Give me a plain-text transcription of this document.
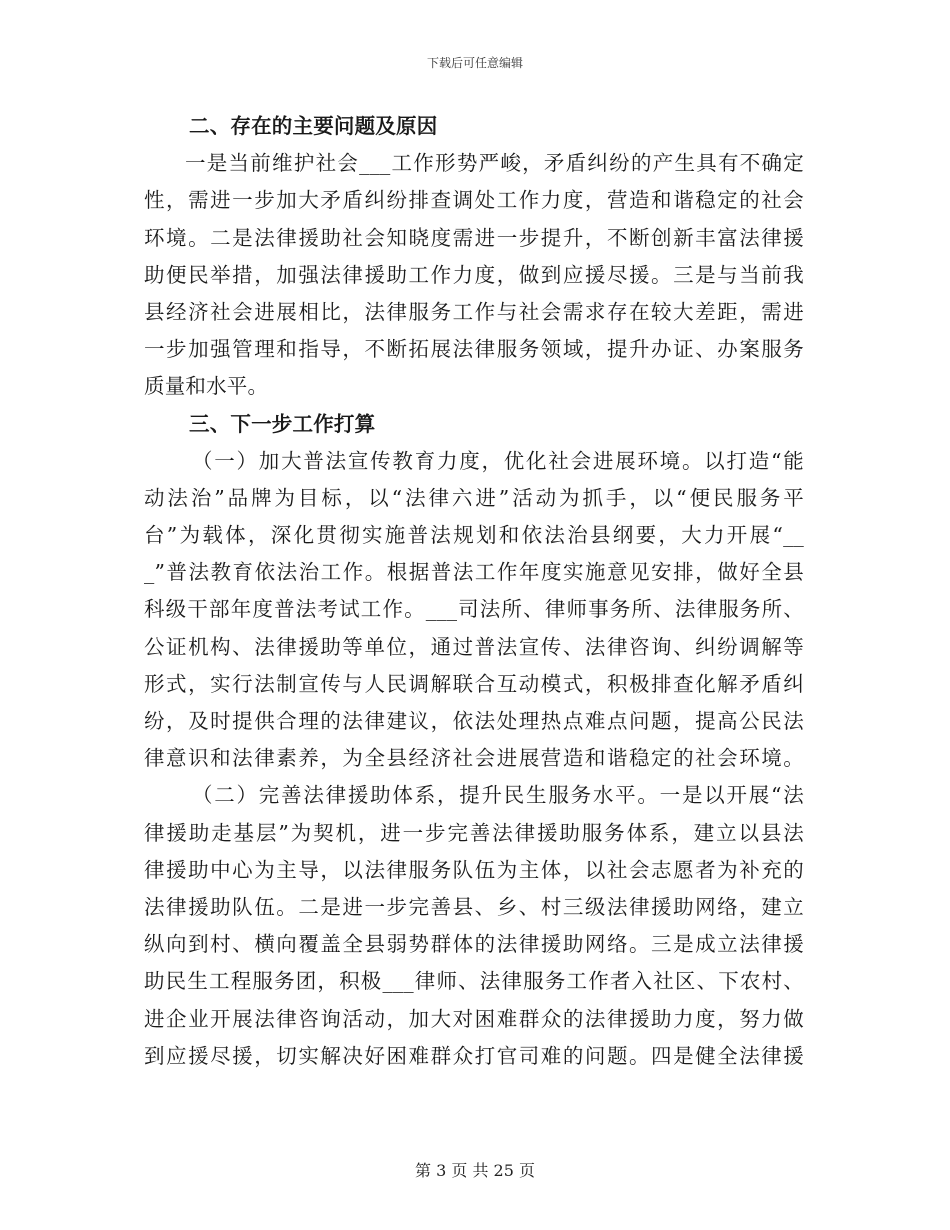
下载后可任意编辑
二、存在的主要问题及原因
一是当前维护社会___工作形势严峻，矛盾纠纷的产生具有不确定
性，需进一步加大矛盾纠纷排查调处工作力度，营造和谐稳定的社会
环境。二是法律援助社会知晓度需进一步提升，不断创新丰富法律援
助便民举措，加强法律援助工作力度，做到应援尽援。三是与当前我
县经济社会进展相比，法律服务工作与社会需求存在较大差距，需进
一步加强管理和指导，不断拓展法律服务领域，提升办证、办案服务
质量和水平。
三、下一步工作打算
（一）加大普法宣传教育力度，优化社会进展环境。以打造“能
动法治”品牌为目标，以“法律六进”活动为抓手，以“便民服务平
台”为载体，深化贯彻实施普法规划和依法治县纲要，大力开展“__
_”普法教育依法治工作。根据普法工作年度实施意见安排，做好全县
科级干部年度普法考试工作。___司法所、律师事务所、法律服务所、
公证机构、法律援助等单位，通过普法宣传、法律咨询、纠纷调解等
形式，实行法制宣传与人民调解联合互动模式，积极排查化解矛盾纠
纷，及时提供合理的法律建议，依法处理热点难点问题，提高公民法
律意识和法律素养，为全县经济社会进展营造和谐稳定的社会环境。
（二）完善法律援助体系，提升民生服务水平。一是以开展“法
律援助走基层”为契机，进一步完善法律援助服务体系，建立以县法
律援助中心为主导，以法律服务队伍为主体，以社会志愿者为补充的
法律援助队伍。二是进一步完善县、乡、村三级法律援助网络，建立
纵向到村、横向覆盖全县弱势群体的法律援助网络。三是成立法律援
助民生工程服务团，积极___律师、法律服务工作者入社区、下农村、
进企业开展法律咨询活动，加大对困难群众的法律援助力度，努力做
到应援尽援，切实解决好困难群众打官司难的问题。四是健全法律援
第 3 页 共 25 页
